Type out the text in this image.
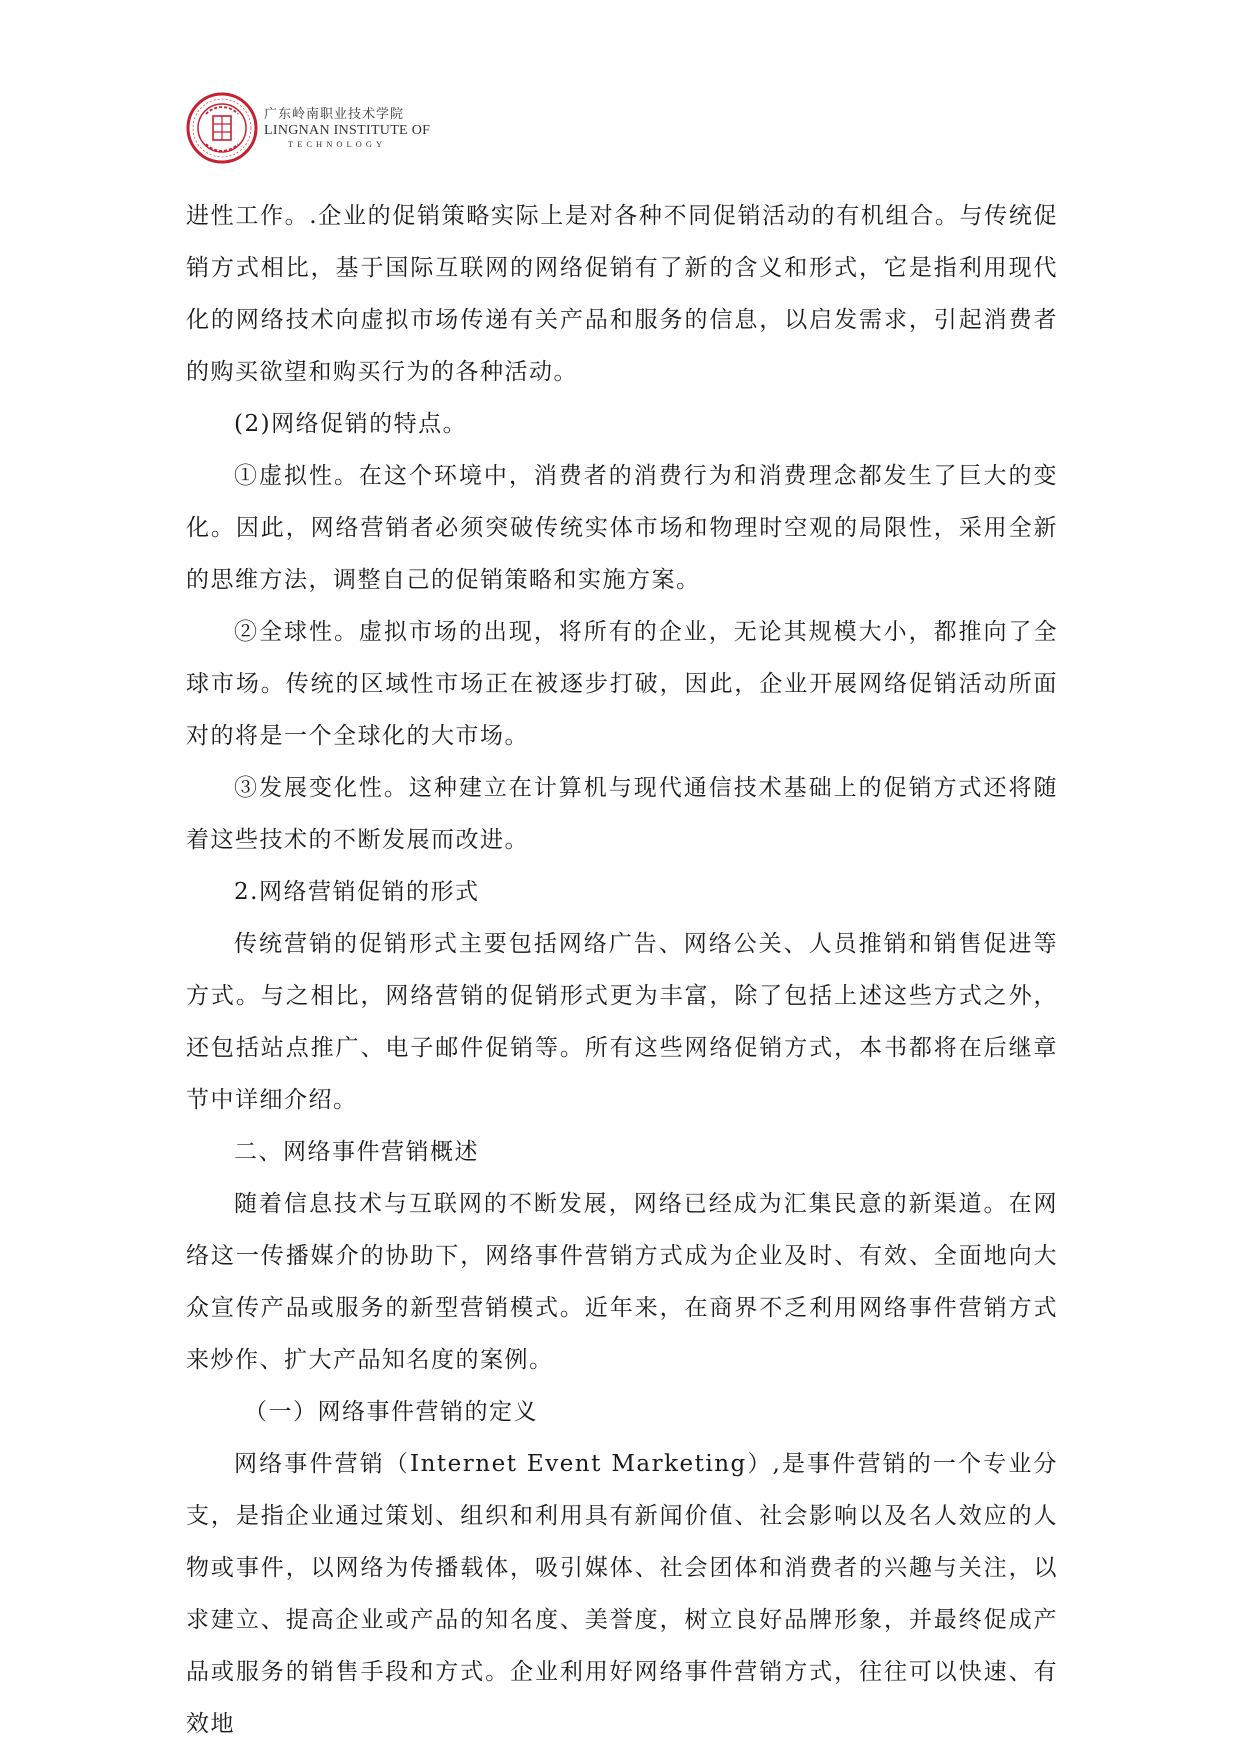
广东岭南职业技术学院
LINGNAN INSTITUTE OF
TECHNOLOGY

进性工作。.企业的促销策略实际上是对各种不同促销活动的有机组合。与传统促销方式相比，基于国际互联网的网络促销有了新的含义和形式，它是指利用现代化的网络技术向虚拟市场传递有关产品和服务的信息，以启发需求，引起消费者的购买欲望和购买行为的各种活动。

(2)网络促销的特点。

①虚拟性。在这个环境中，消费者的消费行为和消费理念都发生了巨大的变化。因此，网络营销者必须突破传统实体市场和物理时空观的局限性，采用全新的思维方法，调整自己的促销策略和实施方案。

②全球性。虚拟市场的出现，将所有的企业，无论其规模大小，都推向了全球市场。传统的区域性市场正在被逐步打破，因此，企业开展网络促销活动所面对的将是一个全球化的大市场。

③发展变化性。这种建立在计算机与现代通信技术基础上的促销方式还将随着这些技术的不断发展而改进。

2.网络营销促销的形式

传统营销的促销形式主要包括网络广告、网络公关、人员推销和销售促进等方式。与之相比，网络营销的促销形式更为丰富，除了包括上述这些方式之外，还包括站点推广、电子邮件促销等。所有这些网络促销方式，本书都将在后继章节中详细介绍。

二、网络事件营销概述

随着信息技术与互联网的不断发展，网络已经成为汇集民意的新渠道。在网络这一传播媒介的协助下，网络事件营销方式成为企业及时、有效、全面地向大众宣传产品或服务的新型营销模式。近年来，在商界不乏利用网络事件营销方式来炒作、扩大产品知名度的案例。

（一）网络事件营销的定义

网络事件营销（Internet Event Marketing）,是事件营销的一个专业分支，是指企业通过策划、组织和利用具有新闻价值、社会影响以及名人效应的人物或事件，以网络为传播载体，吸引媒体、社会团体和消费者的兴趣与关注，以求建立、提高企业或产品的知名度、美誉度，树立良好品牌形象，并最终促成产品或服务的销售手段和方式。企业利用好网络事件营销方式，往往可以快速、有效地
